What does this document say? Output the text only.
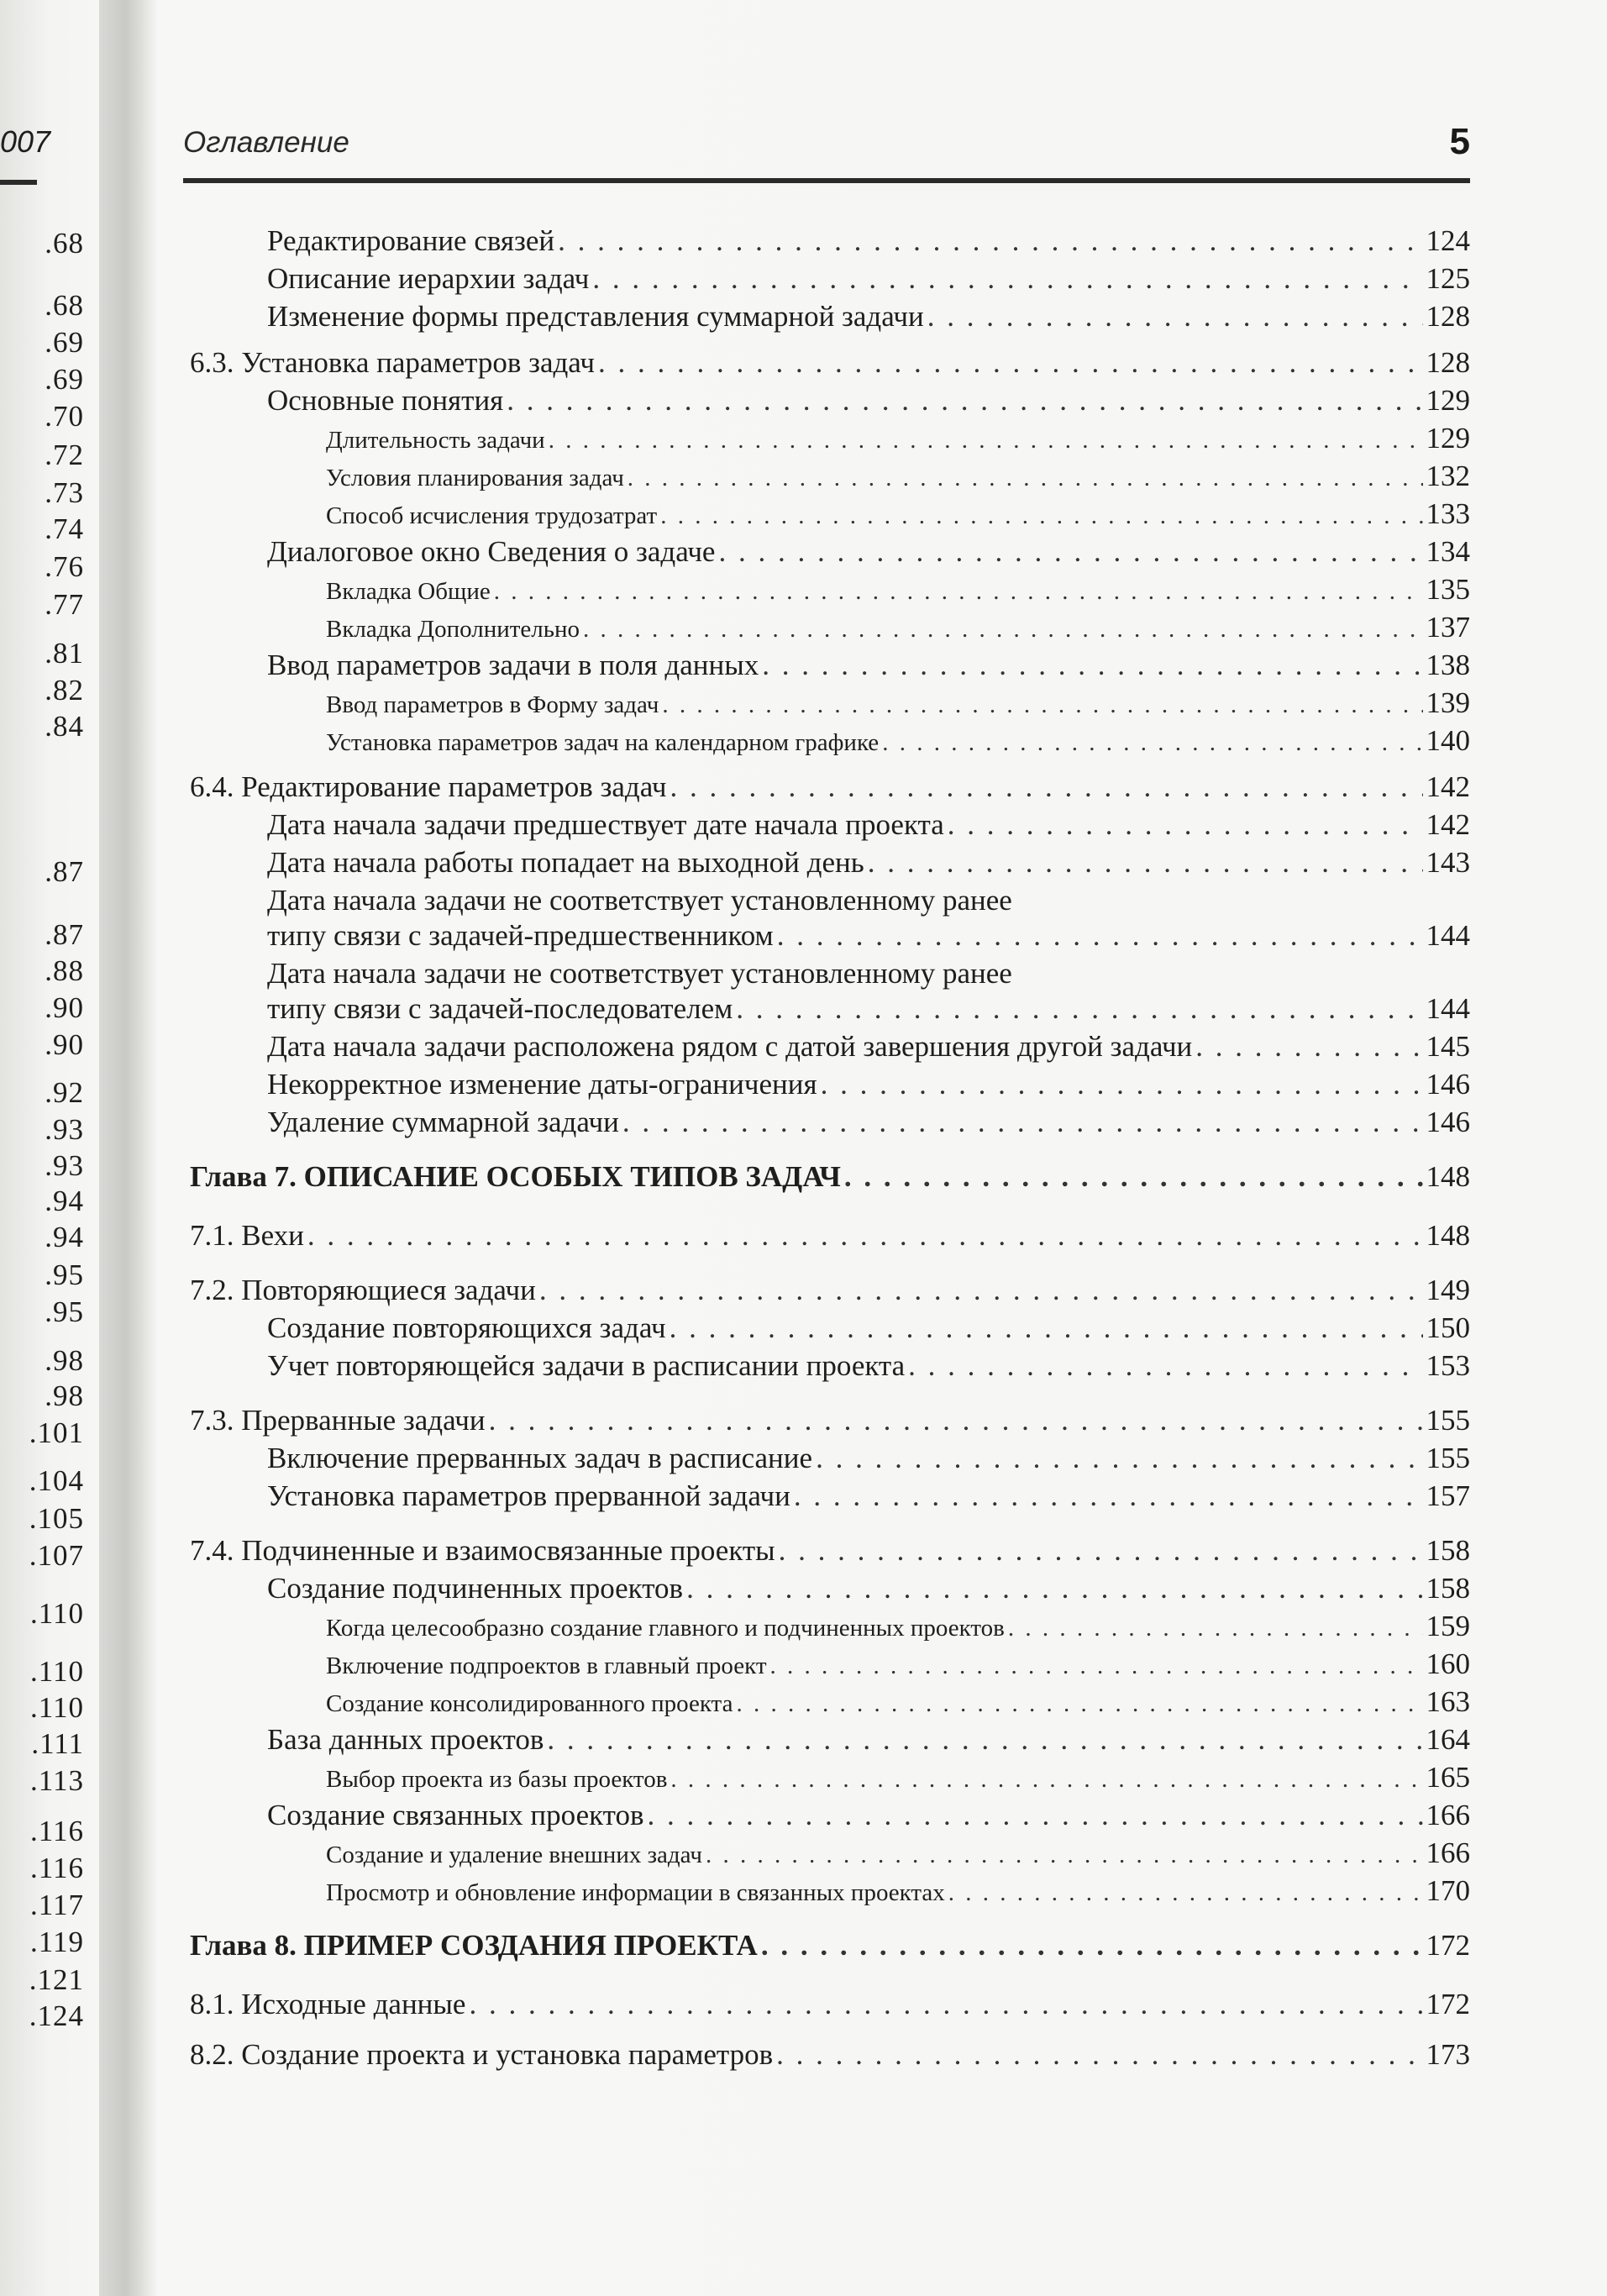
007
.68
.68
.69
.69
.70
.72
.73
.74
.76
.77
.81
.82
.84
.87
.87
.88
.90
.90
.92
.93
.93
.94
.94
.95
.95
.98
.98
.101
.104
.105
.107
.110
.110
.110
.111
.113
.116
.116
.117
.119
.121
.124
Оглавление	5
Редактирование связей . . .	124
Описание иерархии задач . . .	125
Изменение формы представления суммарной задачи . . .	128
6.3. Установка параметров задач . . .	128
Основные понятия . . .	129
Длительность задачи . . .	129
Условия планирования задач . . .	132
Способ исчисления трудозатрат . . .	133
Диалоговое окно Сведения о задаче . . .	134
Вкладка Общие . . .	135
Вкладка Дополнительно . . .	137
Ввод параметров задачи в поля данных . . .	138
Ввод параметров в Форму задач . . .	139
Установка параметров задач на календарном графике . . .	140
6.4. Редактирование параметров задач . . .	142
Дата начала задачи предшествует дате начала проекта . . .	142
Дата начала работы попадает на выходной день . . .	143
Дата начала задачи не соответствует установленному ранее
типу связи с задачей-предшественником . . .	144
Дата начала задачи не соответствует установленному ранее
типу связи с задачей-последователем . . .	144
Дата начала задачи расположена рядом с датой завершения другой задачи . . .	145
Некорректное изменение даты-ограничения . . .	146
Удаление суммарной задачи . . .	146
Глава 7. ОПИСАНИЕ ОСОБЫХ ТИПОВ ЗАДАЧ . . .	148
7.1. Вехи . . .	148
7.2. Повторяющиеся задачи . . .	149
Создание повторяющихся задач . . .	150
Учет повторяющейся задачи в расписании проекта . . .	153
7.3. Прерванные задачи . . .	155
Включение прерванных задач в расписание . . .	155
Установка параметров прерванной задачи . . .	157
7.4. Подчиненные и взаимосвязанные проекты . . .	158
Создание подчиненных проектов . . .	158
Когда целесообразно создание главного и подчиненных проектов . . .	159
Включение подпроектов в главный проект . . .	160
Создание консолидированного проекта . . .	163
База данных проектов . . .	164
Выбор проекта из базы проектов . . .	165
Создание связанных проектов . . .	166
Создание и удаление внешних задач . . .	166
Просмотр и обновление информации в связанных проектах . . .	170
Глава 8. ПРИМЕР СОЗДАНИЯ ПРОЕКТА . . .	172
8.1. Исходные данные . . .	172
8.2. Создание проекта и установка параметров . . .	173
